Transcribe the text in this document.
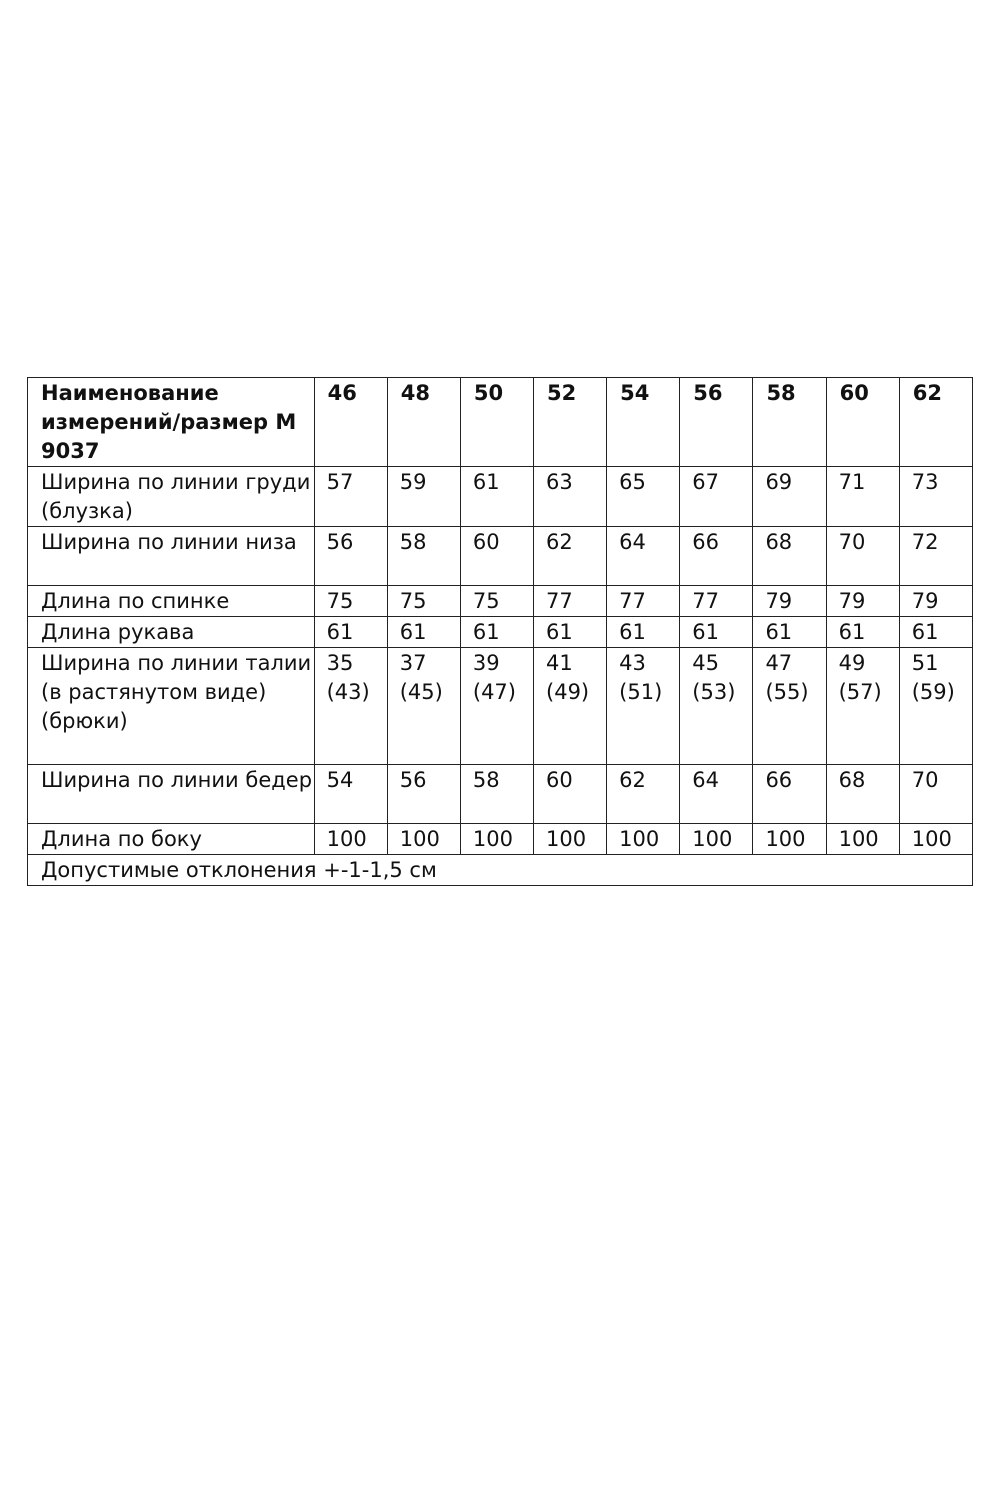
Наименование измерений/размер М 9037	46	48	50	52	54	56	58	60	62
Ширина по линии груди (блузка)	57	59	61	63	65	67	69	71	73
Ширина по линии низа	56	58	60	62	64	66	68	70	72
Длина по спинке	75	75	75	77	77	77	79	79	79
Длина рукава	61	61	61	61	61	61	61	61	61
Ширина по линии талии (в растянутом виде) (брюки)	35 (43)	37 (45)	39 (47)	41 (49)	43 (51)	45 (53)	47 (55)	49 (57)	51 (59)
Ширина по линии бедер	54	56	58	60	62	64	66	68	70
Длина по боку	100	100	100	100	100	100	100	100	100
Допустимые отклонения +-1-1,5 см									
